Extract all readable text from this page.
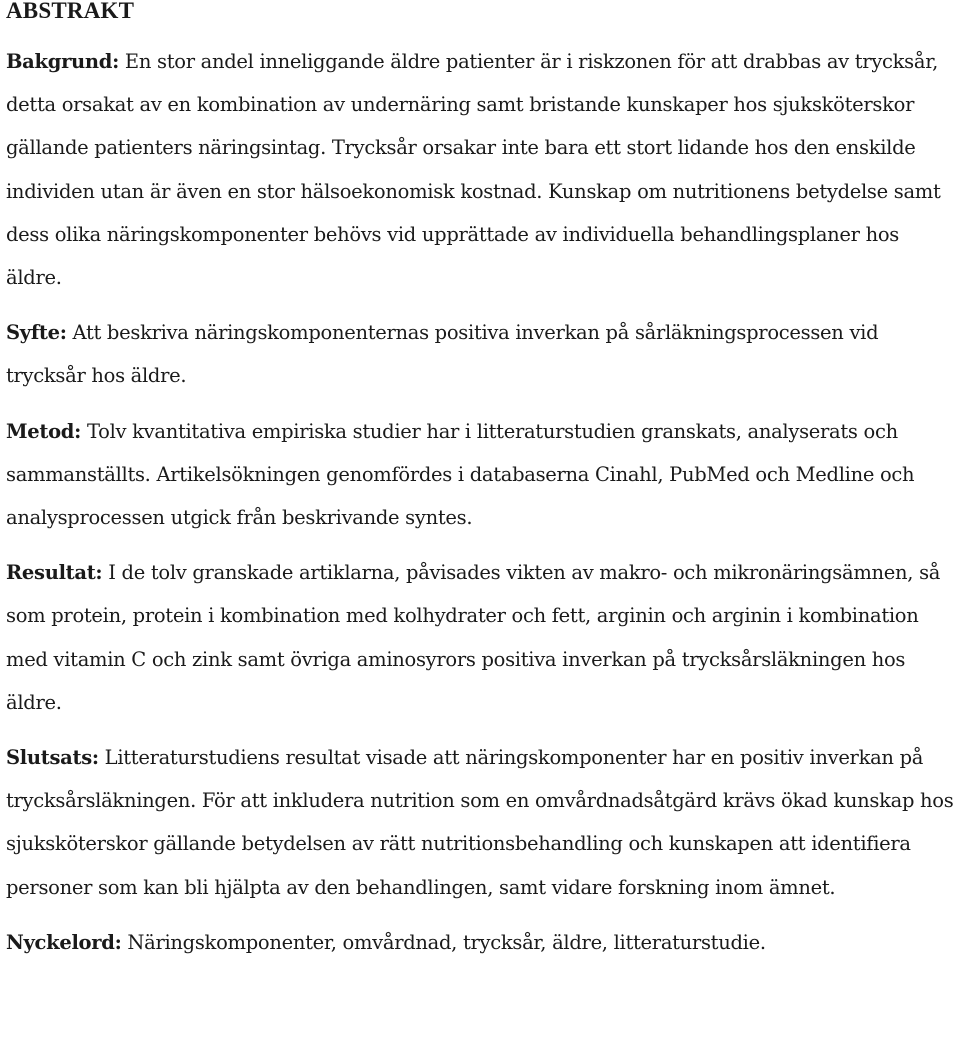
ABSTRAKT

Bakgrund: En stor andel inneliggande äldre patienter är i riskzonen för att drabbas av trycksår, detta orsakat av en kombination av undernäring samt bristande kunskaper hos sjuksköterskor gällande patienters näringsintag. Trycksår orsakar inte bara ett stort lidande hos den enskilde individen utan är även en stor hälsoekonomisk kostnad. Kunskap om nutritionens betydelse samt dess olika näringskomponenter behövs vid upprättade av individuella behandlingsplaner hos äldre.

Syfte: Att beskriva näringskomponenternas positiva inverkan på sårläkningsprocessen vid trycksår hos äldre.

Metod: Tolv kvantitativa empiriska studier har i litteraturstudien granskats, analyserats och sammanställts. Artikelsökningen genomfördes i databaserna Cinahl, PubMed och Medline och analysprocessen utgick från beskrivande syntes.

Resultat: I de tolv granskade artiklarna, påvisades vikten av makro- och mikronäringsämnen, så som protein, protein i kombination med kolhydrater och fett, arginin och arginin i kombination med vitamin C och zink samt övriga aminosyrors positiva inverkan på trycksårsläkningen hos äldre.

Slutsats: Litteraturstudiens resultat visade att näringskomponenter har en positiv inverkan på trycksårsläkningen. För att inkludera nutrition som en omvårdnadsåtgärd krävs ökad kunskap hos sjuksköterskor gällande betydelsen av rätt nutritionsbehandling och kunskapen att identifiera personer som kan bli hjälpta av den behandlingen, samt vidare forskning inom ämnet.

Nyckelord: Näringskomponenter, omvårdnad, trycksår, äldre, litteraturstudie.
